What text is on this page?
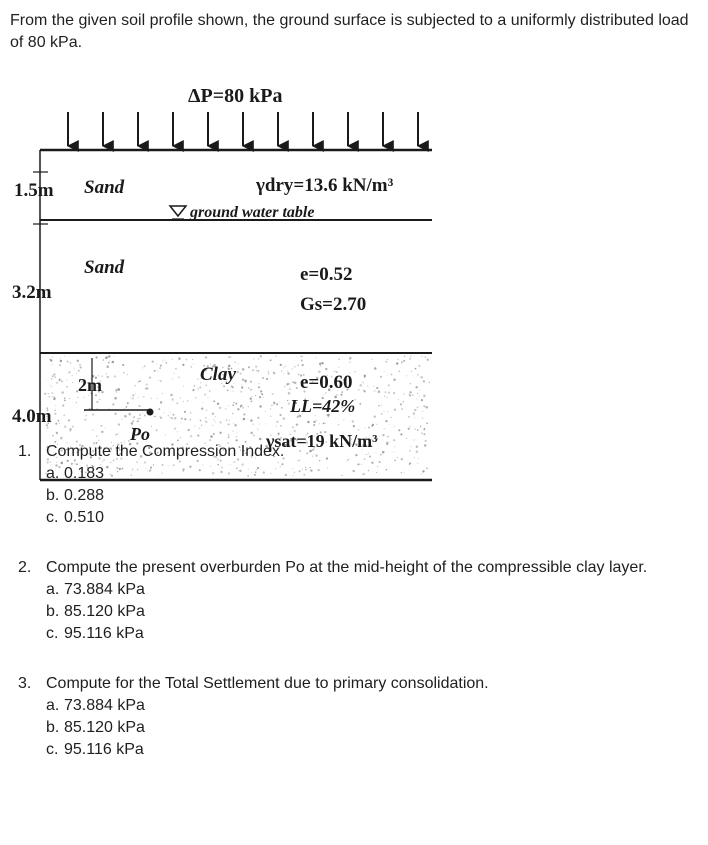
From the given soil profile shown, the ground surface is subjected to a uniformly distributed load of 80 kPa.
ΔP=80 kPa
1.5m Sand	γdry=13.6 kN/m³
ground water table
Sand
3.2m
e=0.52
Gs=2.70
2m
4.0m
Po
Clay	e=0.60
LL=42%
γsat=19 kN/m³
1. Compute the Compression Index.
a. 0.183
b. 0.288
c. 0.510
2. Compute the present overburden Po at the mid-height of the compressible clay layer.
a. 73.884 kPa
b. 85.120 kPa
c. 95.116 kPa
3. Compute for the Total Settlement due to primary consolidation.
a. 73.884 kPa
b. 85.120 kPa
c. 95.116 kPa
